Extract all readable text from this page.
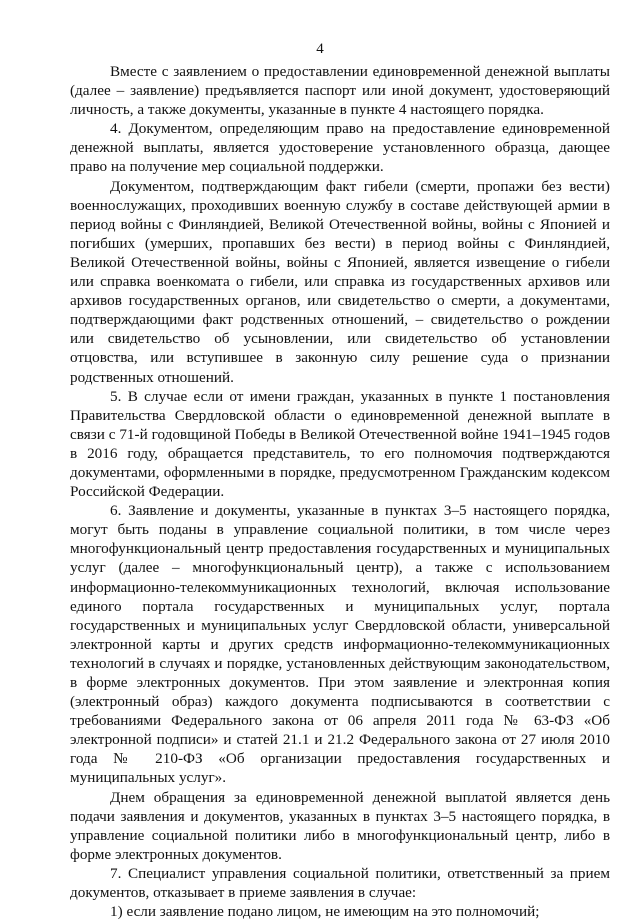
4

Вместе с заявлением о предоставлении единовременной денежной выплаты (далее – заявление) предъявляется паспорт или иной документ, удостоверяющий личность, а также документы, указанные в пункте 4 настоящего порядка.

4. Документом, определяющим право на предоставление единовременной денежной выплаты, является удостоверение установленного образца, дающее право на получение мер социальной поддержки.

Документом, подтверждающим факт гибели (смерти, пропажи без вести) военнослужащих, проходивших военную службу в составе действующей армии в период войны с Финляндией, Великой Отечественной войны, войны с Японией и погибших (умерших, пропавших без вести) в период войны с Финляндией, Великой Отечественной войны, войны с Японией, является извещение о гибели или справка военкомата о гибели, или справка из государственных архивов или архивов государственных органов, или свидетельство о смерти, а документами, подтверждающими факт родственных отношений, – свидетельство о рождении или свидетельство об усыновлении, или свидетельство об установлении отцовства, или вступившее в законную силу решение суда о признании родственных отношений.

5. В случае если от имени граждан, указанных в пункте 1 постановления Правительства Свердловской области о единовременной денежной выплате в связи с 71-й годовщиной Победы в Великой Отечественной войне 1941–1945 годов в 2016 году, обращается представитель, то его полномочия подтверждаются документами, оформленными в порядке, предусмотренном Гражданским кодексом Российской Федерации.

6. Заявление и документы, указанные в пунктах 3–5 настоящего порядка, могут быть поданы в управление социальной политики, в том числе через многофункциональный центр предоставления государственных и муниципальных услуг (далее – многофункциональный центр), а также с использованием информационно-телекоммуникационных технологий, включая использование единого портала государственных и муниципальных услуг, портала государственных и муниципальных услуг Свердловской области, универсальной электронной карты и других средств информационно-телекоммуникационных технологий в случаях и порядке, установленных действующим законодательством, в форме электронных документов. При этом заявление и электронная копия (электронный образ) каждого документа подписываются в соответствии с требованиями Федерального закона от 06 апреля 2011 года № 63-ФЗ «Об электронной подписи» и статей 21.1 и 21.2 Федерального закона от 27 июля 2010 года № 210-ФЗ «Об организации предоставления государственных и муниципальных услуг».

Днем обращения за единовременной денежной выплатой является день подачи заявления и документов, указанных в пунктах 3–5 настоящего порядка, в управление социальной политики либо в многофункциональный центр, либо в форме электронных документов.

7. Специалист управления социальной политики, ответственный за прием документов, отказывает в приеме заявления в случае:

1) если заявление подано лицом, не имеющим на это полномочий;
